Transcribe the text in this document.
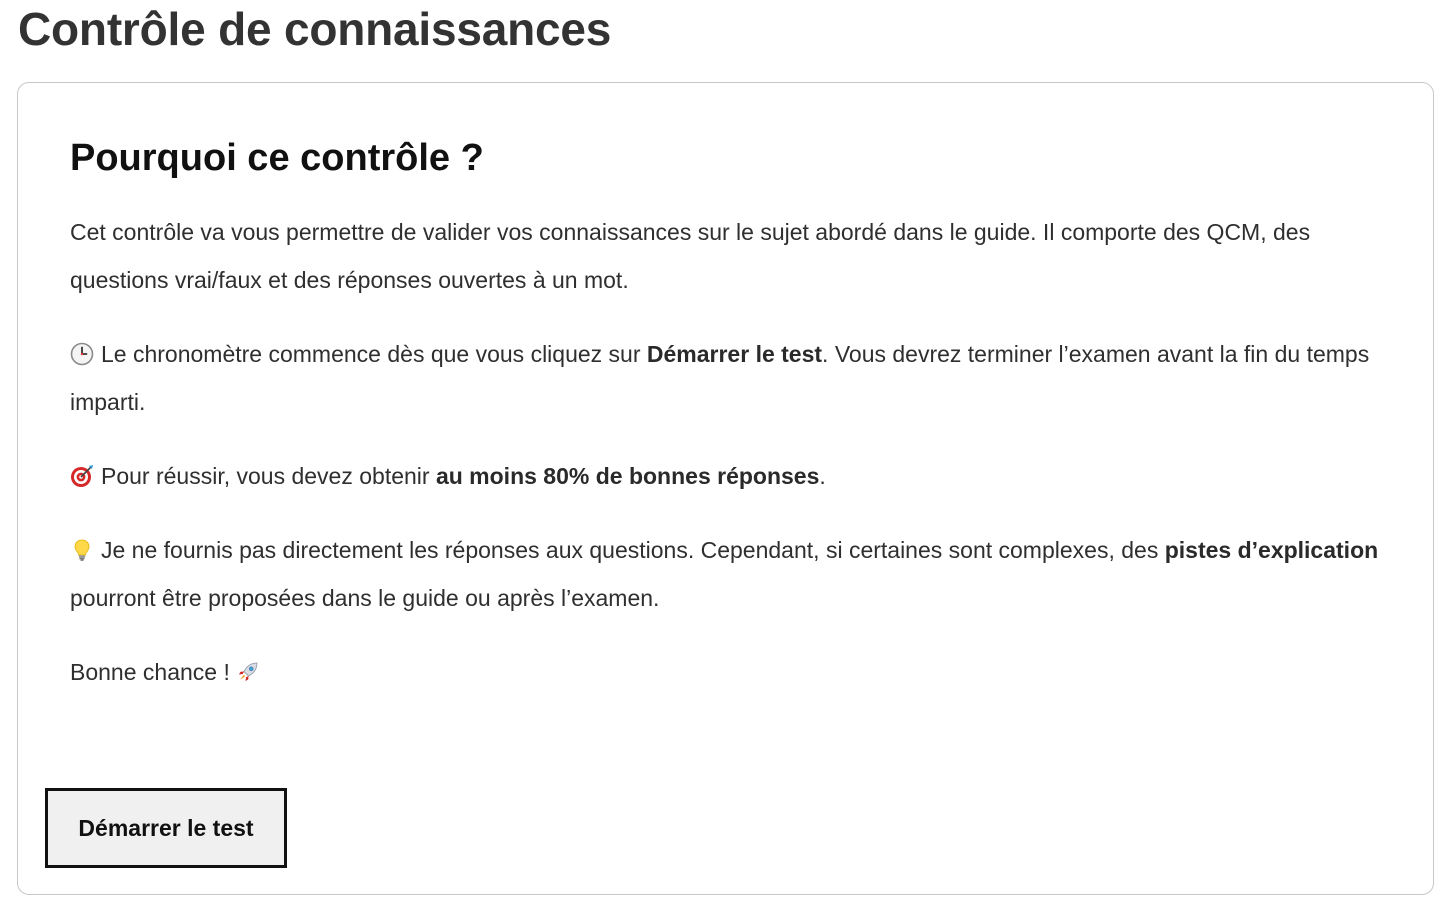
Contrôle de connaissances
Pourquoi ce contrôle ?

Cet contrôle va vous permettre de valider vos connaissances sur le sujet abordé dans le guide. Il comporte des QCM, des questions vrai/faux et des réponses ouvertes à un mot.

Le chronomètre commence dès que vous cliquez sur Démarrer le test. Vous devrez terminer l’examen avant la fin du temps imparti.

Pour réussir, vous devez obtenir au moins 80% de bonnes réponses.

Je ne fournis pas directement les réponses aux questions. Cependant, si certaines sont complexes, des pistes d’explication pourront être proposées dans le guide ou après l’examen.

Bonne chance !

Démarrer le test
